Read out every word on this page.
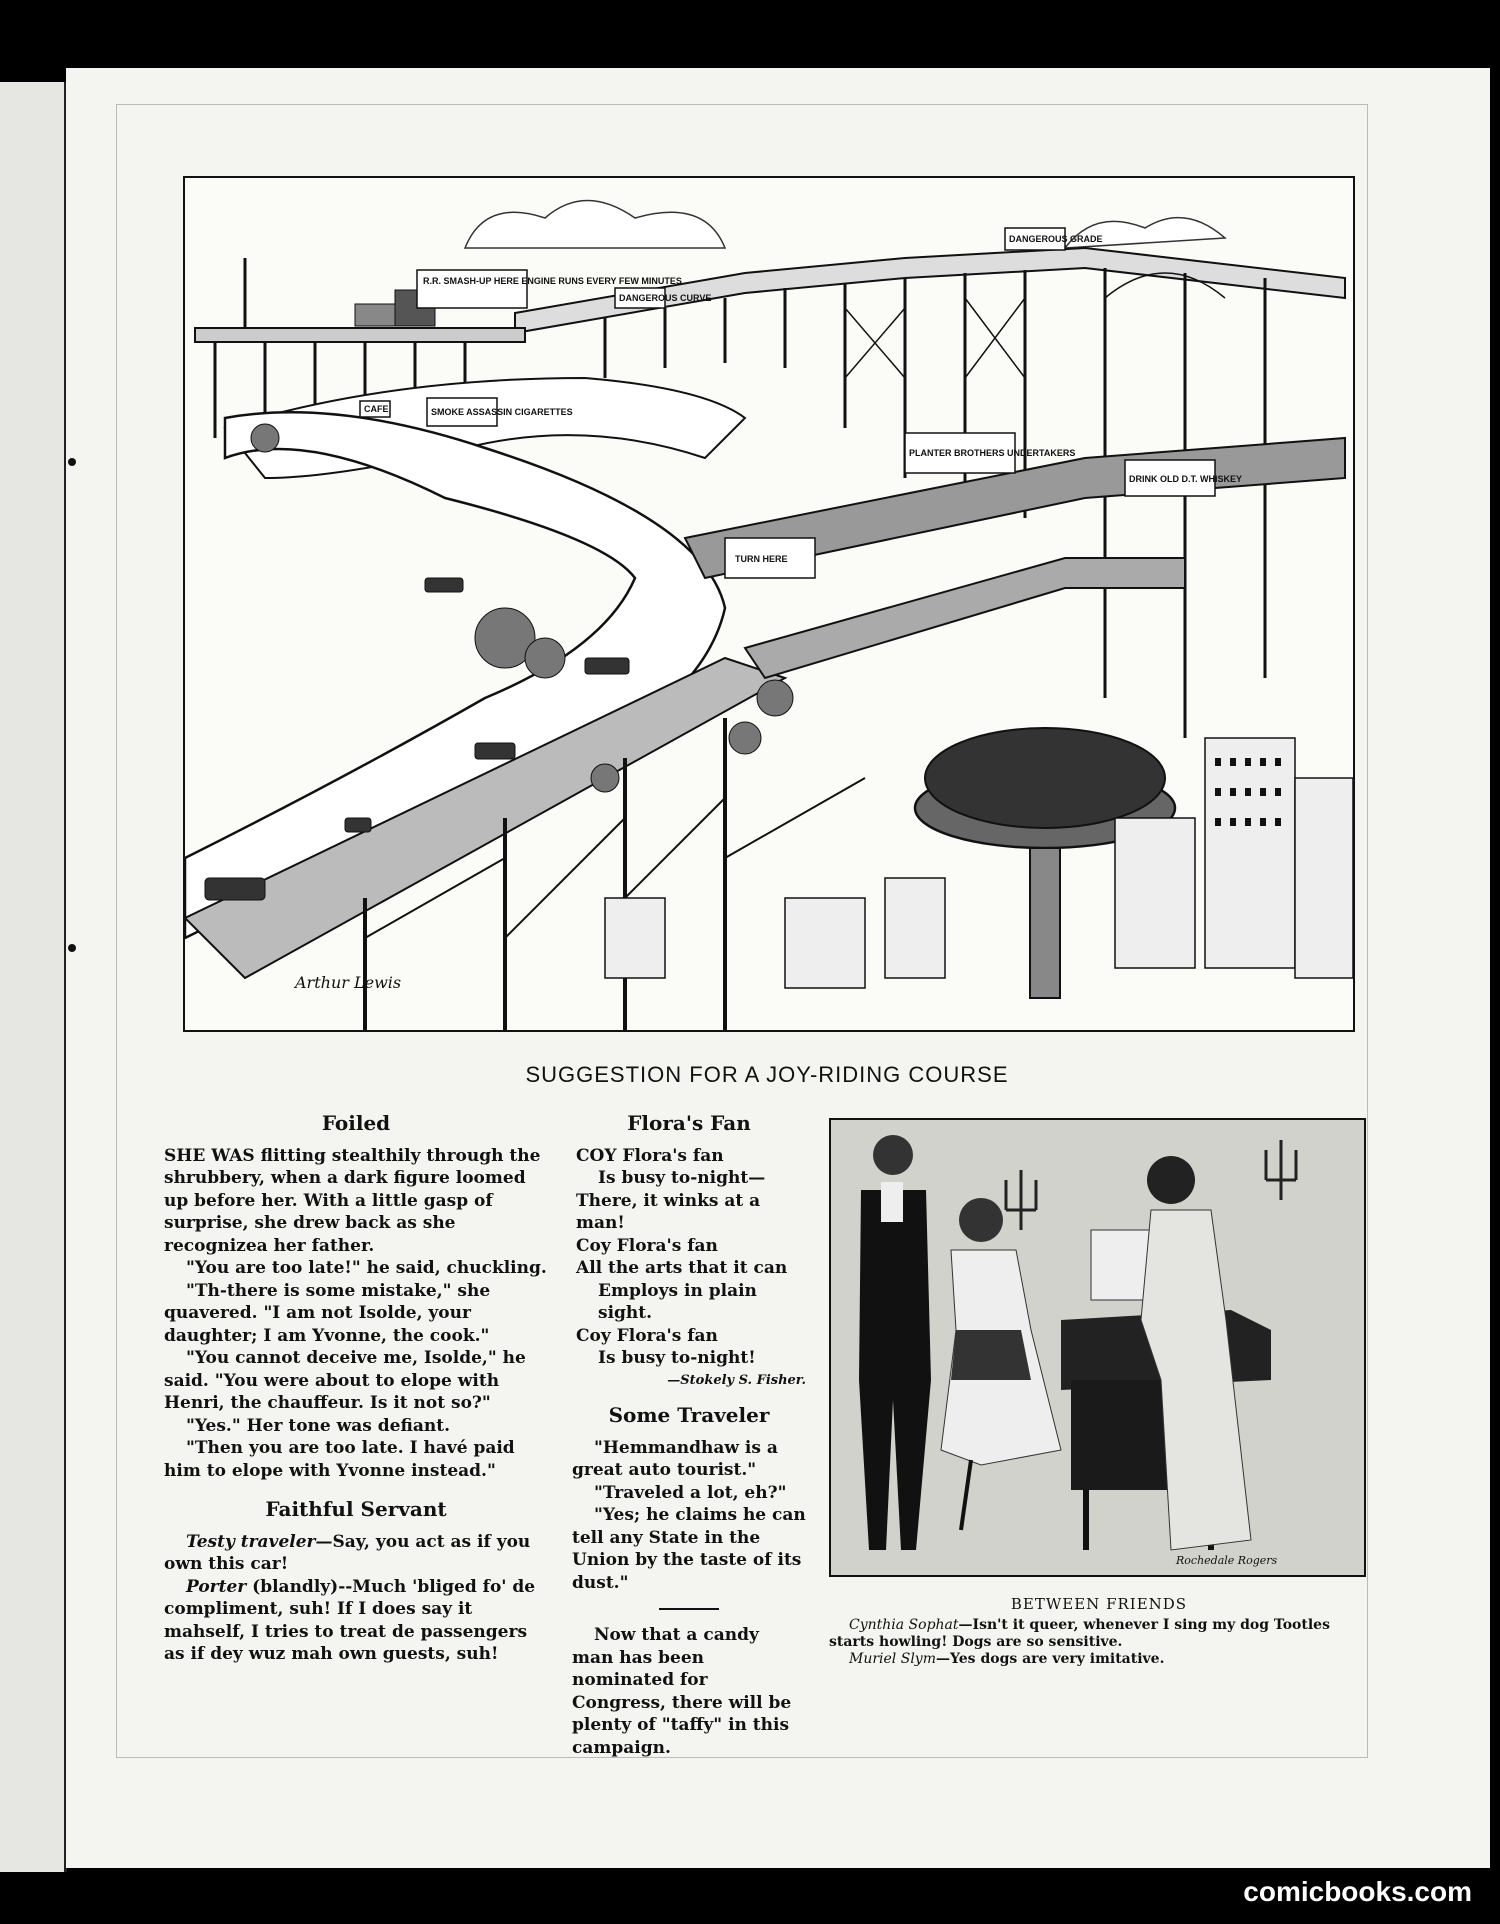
R.R. SMASH-UP HERE ENGINE RUNS EVERY FEW MINUTES
DANGEROUS CURVE
SMOKE ASSASSIN CIGARETTES
PLANTER BROTHERS UNDERTAKERS
DRINK OLD D.T. WHISKEY
DANGEROUS GRADE
TURN HERE
CAFE
Arthur Lewis
SUGGESTION FOR A JOY-RIDING COURSE
Foiled

SHE WAS flitting stealthily through the shrubbery, when a dark figure loomed up before her. With a little gasp of surprise, she drew back as she recognizea her father.

"You are too late!" he said, chuckling.

"Th-there is some mistake," she quavered. "I am not Isolde, your daughter; I am Yvonne, the cook."

"You cannot deceive me, Isolde," he said. "You were about to elope with Henri, the chauffeur. Is it not so?"

"Yes." Her tone was defiant.

"Then you are too late. I havé paid him to elope with Yvonne instead."

Faithful Servant

Testy traveler—Say, you act as if you own this car!

Porter (blandly)--Much 'bliged fo' de compliment, suh! If I does say it mahself, I tries to treat de passengers as if dey wuz mah own guests, suh!

Flora's Fan

COY Flora's fan

Is busy to-night—

There, it winks at a man!

Coy Flora's fan

All the arts that it can

Employs in plain sight.

Coy Flora's fan

Is busy to-night!

—Stokely S. Fisher.

Some Traveler

"Hemmandhaw is a great auto tourist."

"Traveled a lot, eh?"

"Yes; he claims he can tell any State in the Union by the taste of its dust."

Now that a candy man has been nominated for Congress, there will be plenty of "taffy" in this campaign.

Rochedale Rogers
BETWEEN FRIENDS

Cynthia Sophat—Isn't it queer, whenever I sing my dog Tootles starts howling! Dogs are so sensitive.

Muriel Slym—Yes dogs are very imitative.

comicbooks.com
